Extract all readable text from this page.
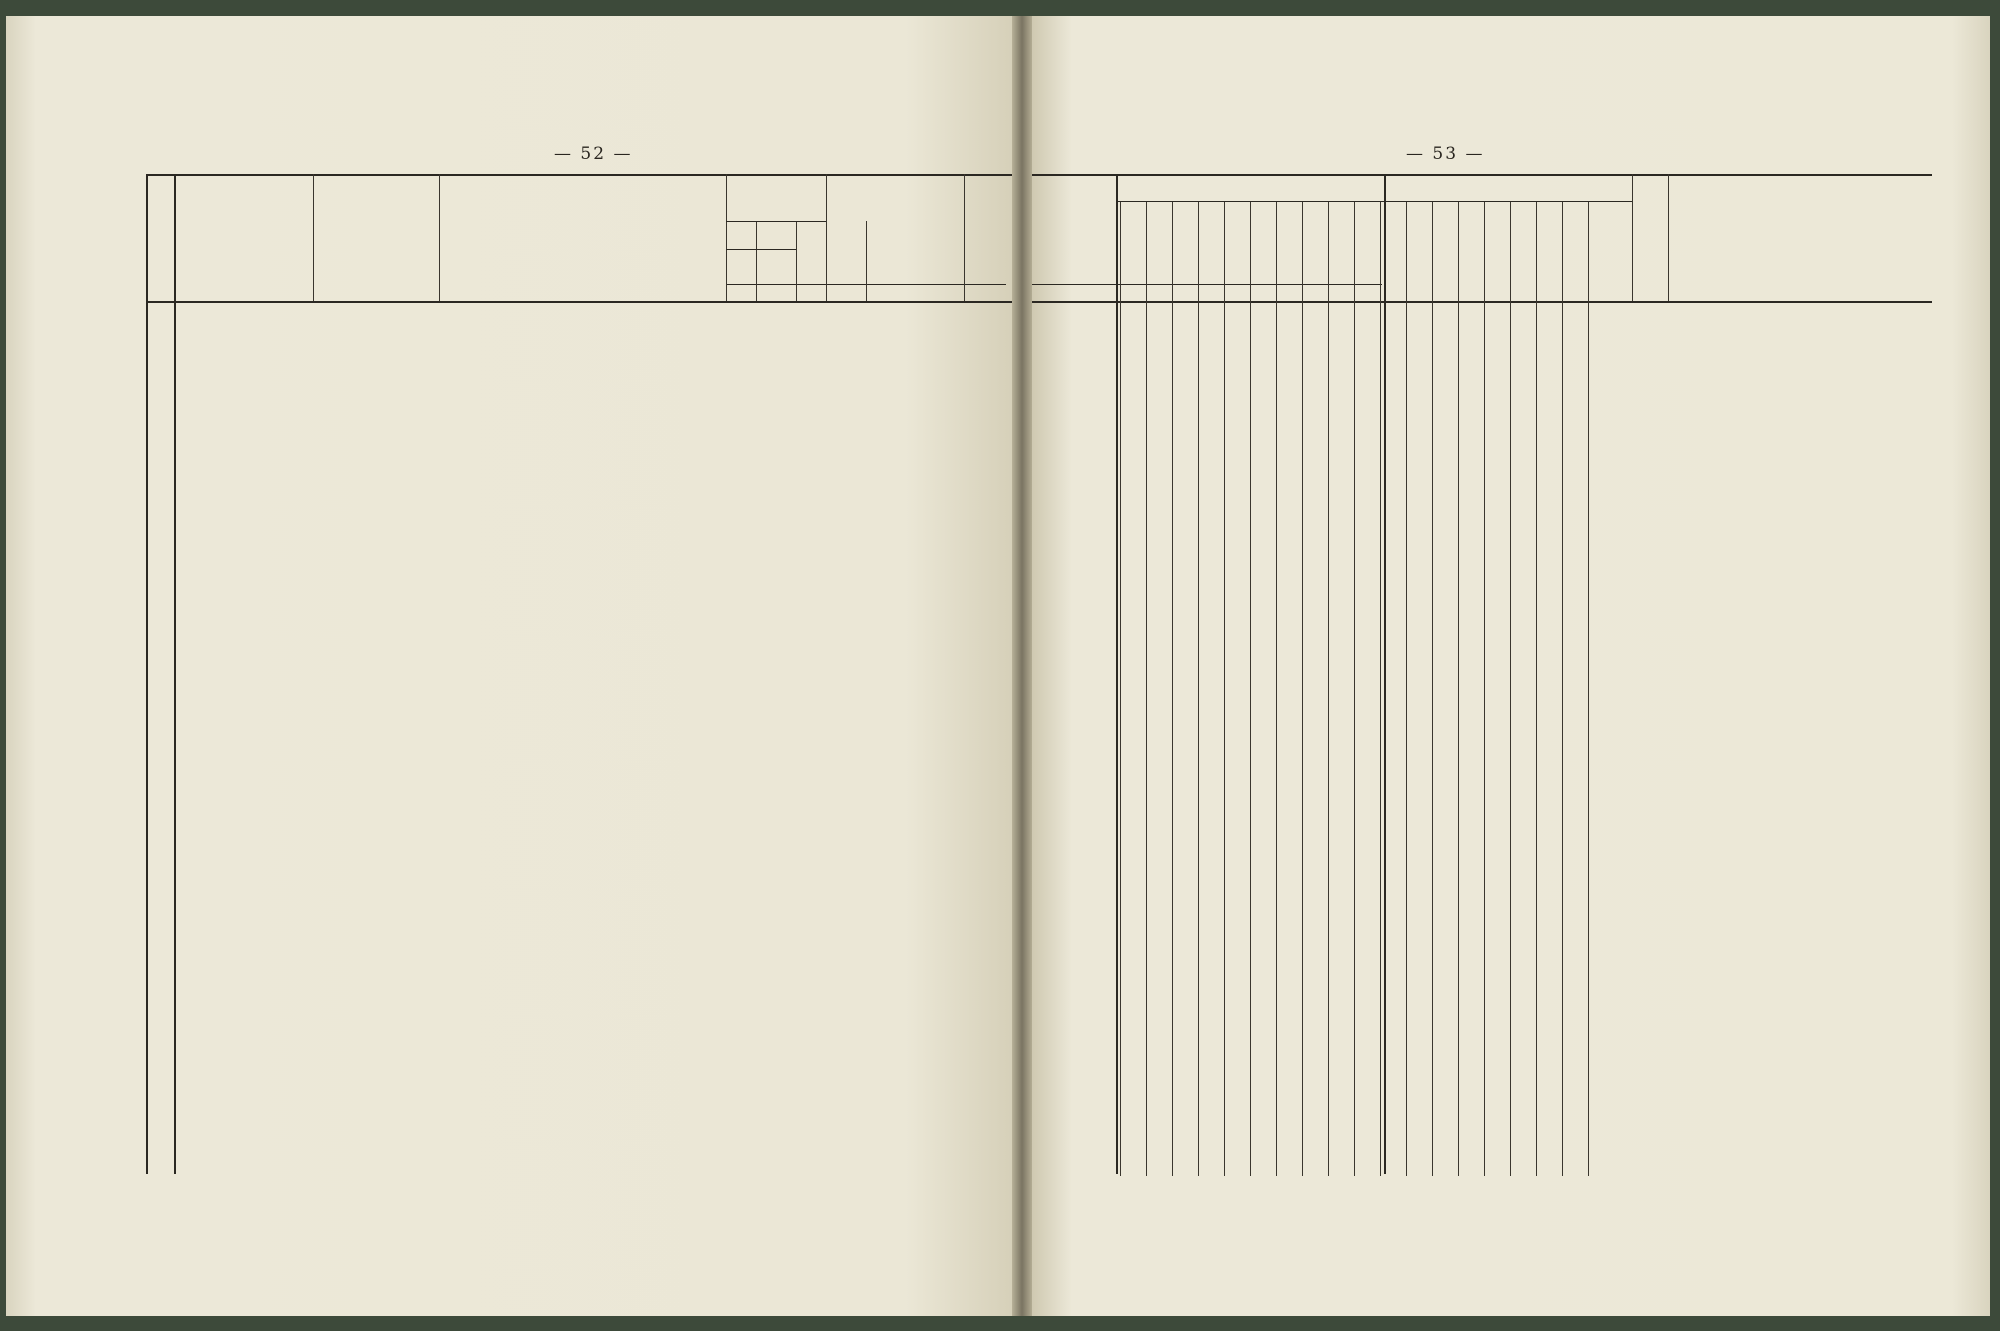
— 52 —	— 53 —
